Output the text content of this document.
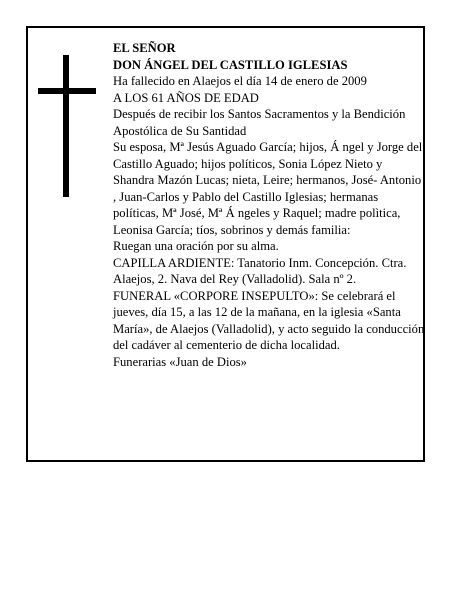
EL SEÑOR

DON ÁNGEL DEL CASTILLO IGLESIAS

Ha fallecido en Alaejos el día 14 de enero de 2009

A LOS 61 AÑOS DE EDAD

Después de recibir los Santos Sacramentos y la Bendición Apostólica de Su Santidad

Su esposa, Mª Jesús Aguado García; hijos, Á ngel y Jorge del Castillo Aguado; hijos políticos, Sonia López Nieto y Shandra Mazón Lucas; nieta, Leire; hermanos, José- Antonio , Juan-Carlos y Pablo del Castillo Iglesias; hermanas políticas, Mª José, Mª Á ngeles y Raquel; madre polìtica, Leonisa García; tíos, sobrinos y demás familia:

Ruegan una oración por su alma.

CAPILLA ARDIENTE: Tanatorio Inm. Concepción. Ctra. Alaejos, 2. Nava del Rey (Valladolid). Sala nº 2.

FUNERAL «CORPORE INSEPULTO»: Se celebrará el jueves, día 15, a las 12 de la mañana, en la iglesia «Santa María», de Alaejos (Valladolid), y acto seguido la conducción del cadáver al cementerio de dicha localidad.

Funerarias «Juan de Dios»
